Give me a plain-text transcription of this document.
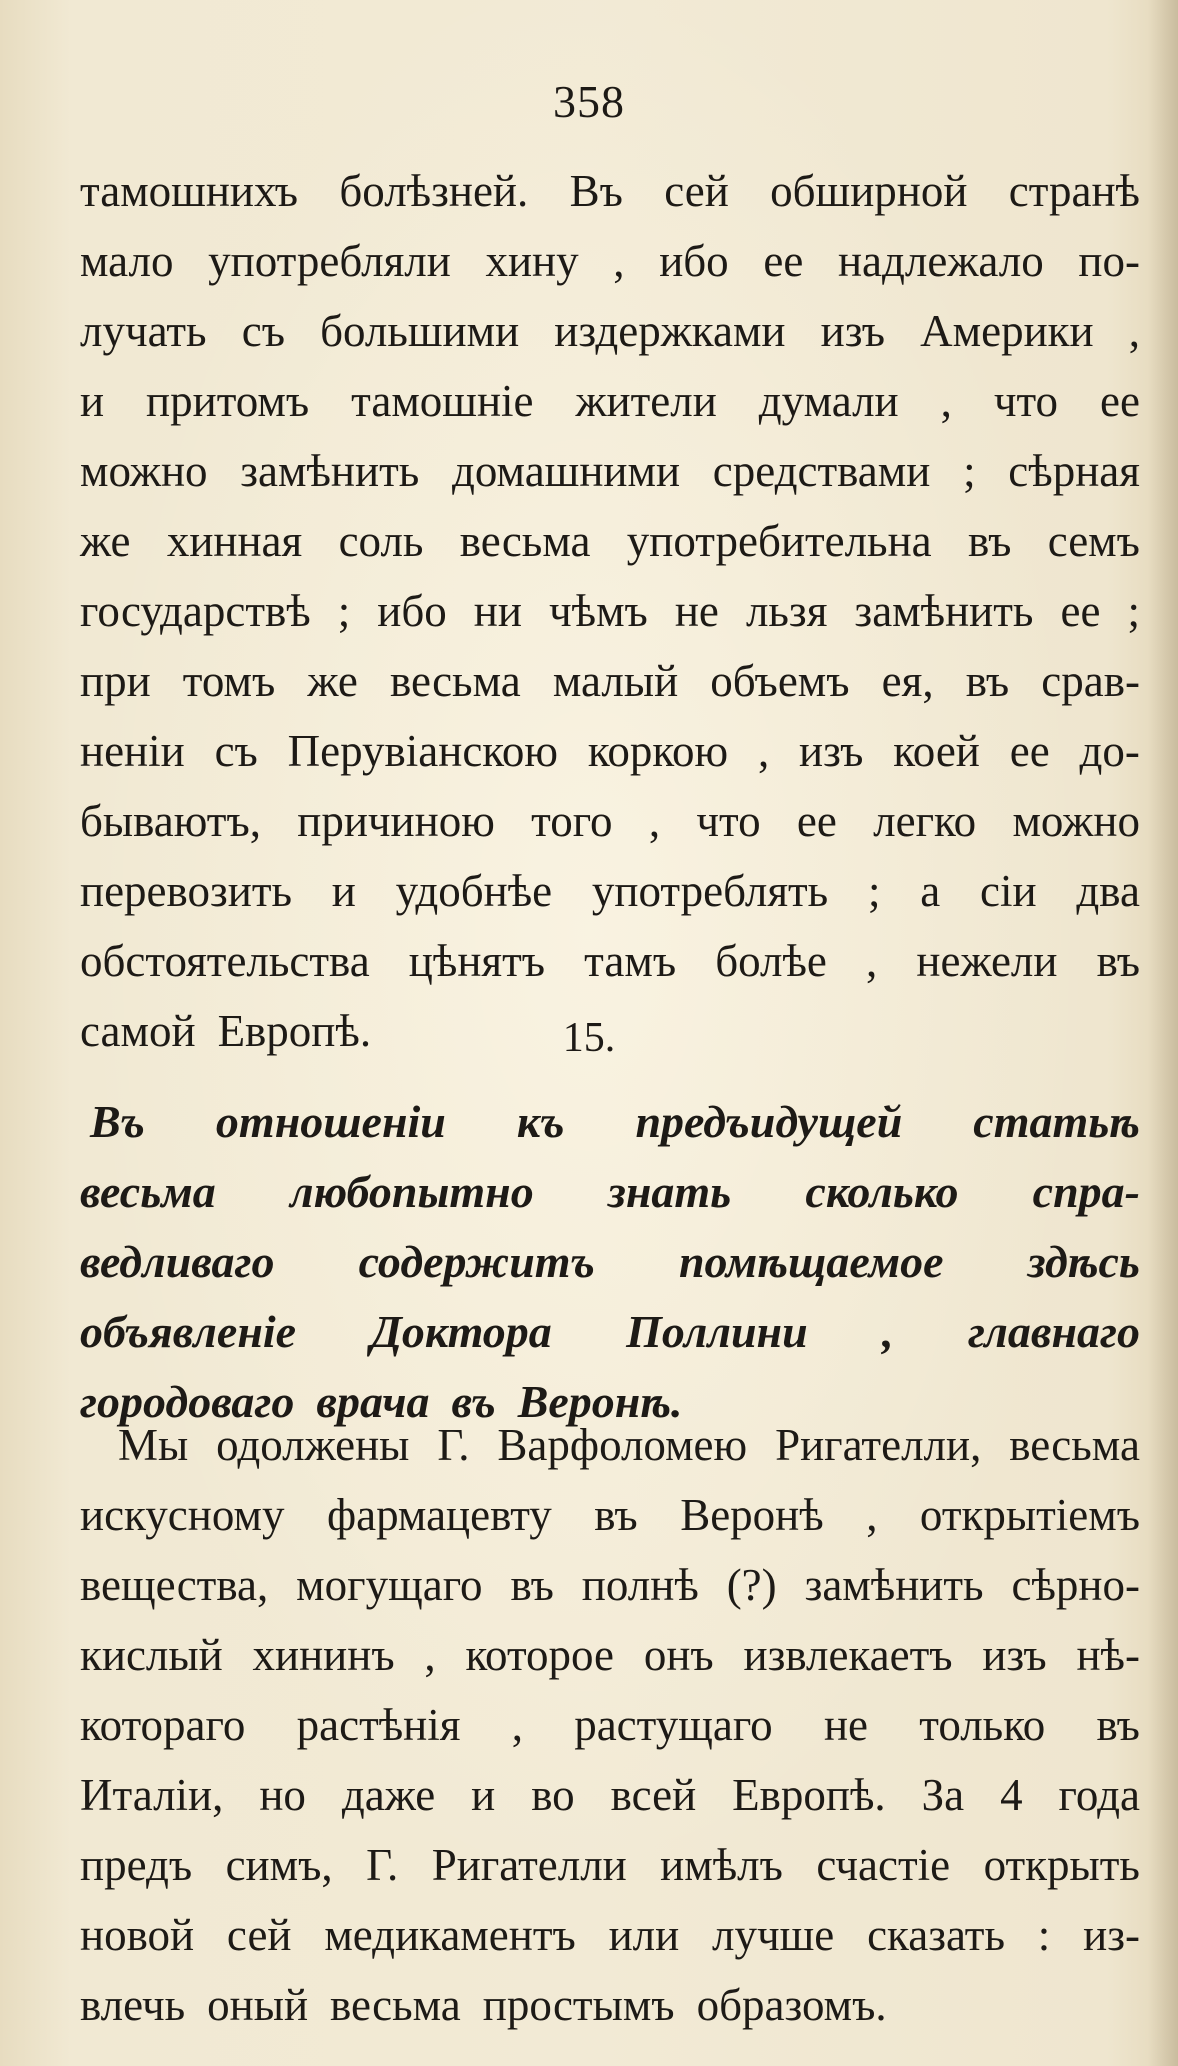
358
тамошнихъ болѣзней. Въ сей обширной странѣ
мало употребляли хину , ибо ее надлежало по-
лучать съ большими издержками изъ Америки ,
и притомъ тамошніе жители думали , что ее
можно замѣнить домашними средствами ; сѣрная
же хинная соль весьма употребительна въ семъ
государствѣ ; ибо ни чѣмъ не льзя замѣнить ее ;
при томъ же весьма малый объемъ ея, въ срав-
неніи съ Перувіанскою коркою , изъ коей ее до-
бываютъ, причиною того , что ее легко можно
перевозить и удобнѣе употреблять ; а сіи два
обстоятельства цѣнятъ тамъ болѣе , нежели въ
самой Европѣ.	15.
Въ отношеніи къ предъидущей статьѣ
весьма любопытно знать сколько спра-
ведливаго содержитъ помѣщаемое здѣсь
объявленіе Доктора Поллини , главнаго
городоваго врача въ Веронѣ.
Мы одолжены Г. Варфоломею Ригателли, весьма
искусному фармацевту въ Веронѣ , открытіемъ
вещества, могущаго въ полнѣ (?) замѣнить сѣрно-
кислый хининъ , которое онъ извлекаетъ изъ нѣ-
котораго растѣнія , растущаго не только въ
Италіи, но даже и во всей Европѣ. За 4 года
предъ симъ, Г. Ригателли имѣлъ счастіе открыть
новой сей медикаментъ или лучше сказать : из-
влечь оный весьма простымъ образомъ.
